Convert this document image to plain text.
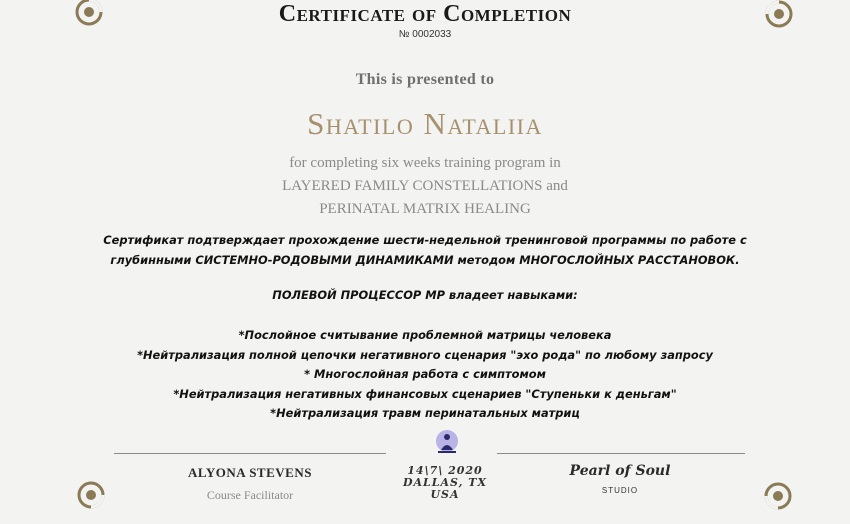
Certificate of Completion
№ 0002033
This is presented to
Shatilo Nataliia
for completing six weeks training program in
LAYERED FAMILY CONSTELLATIONS and
PERINATAL MATRIX HEALING
Сертификат подтверждает прохождение шести-недельной тренинговой программы по работе с
глубинными СИСТЕМНО-РОДОВЫМИ ДИНАМИКАМИ методом МНОГОСЛОЙНЫХ РАССТАНОВОК.
ПОЛЕВОЙ ПРОЦЕССОР МР владеет навыками:
*Послойное считывание проблемной матрицы человека
*Нейтрализация полной цепочки негативного сценария "эхо рода" по любому запросу
* Многослойная работа с симптомом
*Нейтрализация негативных финансовых сценариев "Ступеньки к деньгам"
*Нейтрализация травм перинатальных матриц
ALYONA STEVENS
Course Facilitator
14\7\ 2020
DALLAS, TX
USA
Pearl of Soul
STUDIO
